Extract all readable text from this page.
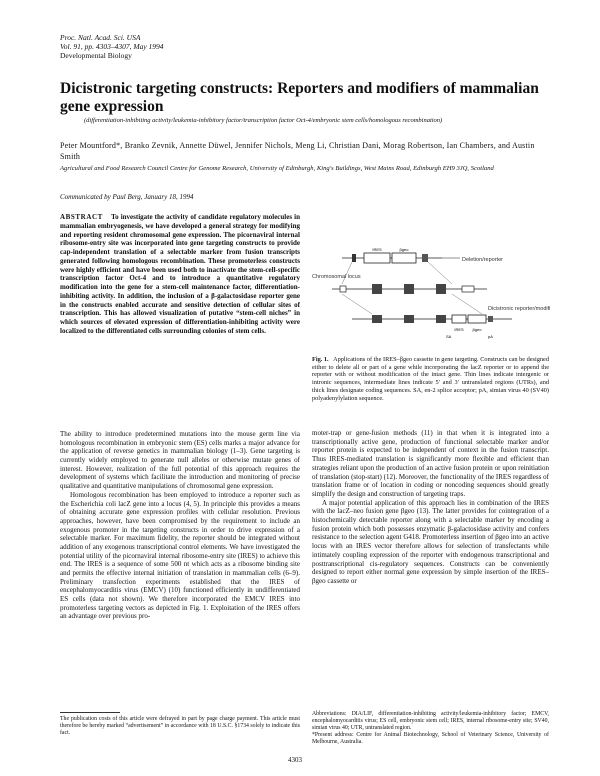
Proc. Natl. Acad. Sci. USA
Vol. 91, pp. 4303–4307, May 1994
Developmental Biology
Dicistronic targeting constructs: Reporters and modifiers of mammalian gene expression
(differentiation-inhibiting activity/leukemia-inhibitory factor/transcription factor Oct-4/embryonic stem cells/homologous recombination)
Peter Mountford*, Branko Zevnik, Annette Düwel, Jennifer Nichols, Meng Li, Christian Dani, Morag Robertson, Ian Chambers, and Austin Smith
Agricultural and Food Research Council Centre for Genome Research, University of Edinburgh, King's Buildings, West Mains Road, Edinburgh EH9 3JQ, Scotland
Communicated by Paul Berg, January 18, 1994
ABSTRACT To investigate the activity of candidate regulatory molecules in mammalian embryogenesis, we have developed a general strategy for modifying and reporting resident chromosomal gene expression. The picornaviral internal ribosome-entry site was incorporated into gene targeting constructs to provide cap-independent translation of a selectable marker from fusion transcripts generated following homologous recombination. These promoterless constructs were highly efficient and have been used both to inactivate the stem-cell-specific transcription factor Oct-4 and to introduce a quantitative regulatory modification into the gene for a stem-cell maintenance factor, differentiation-inhibiting activity. In addition, the inclusion of a β-galactosidase reporter gene in the constructs enabled accurate and sensitive detection of cellular sites of transcription. This has allowed visualization of putative “stem-cell niches” in which sources of elevated expression of differentiation-inhibiting activity were localized to the differentiated cells surrounding colonies of stem cells.
IRES	βgeo
Deletion/reporter
Chromosomal locus
IRES βgeo
SA	pA
Dicistronic reporter/modifier
Fig. 1. Applications of the IRES–βgeo cassette in gene targeting. Constructs can be designed either to delete all or part of a gene while incorporating the lacZ reporter or to append the reporter with or without modification of the intact gene. Thin lines indicate intergenic or intronic sequences, intermediate lines indicate 5′ and 3′ untranslated regions (UTRs), and thick lines designate coding sequences. SA, en-2 splice acceptor; pA, simian virus 40 (SV40) polyadenylylation sequence.

The ability to introduce predetermined mutations into the mouse germ line via homologous recombination in embryonic stem (ES) cells marks a major advance for the application of reverse genetics in mammalian biology (1–3). Gene targeting is currently widely employed to generate null alleles or otherwise mutate genes of interest. However, realization of the full potential of this approach requires the development of systems which facilitate the introduction and monitoring of precise qualitative and quantitative manipulations of chromosomal gene expression.

Homologous recombination has been employed to introduce a reporter such as the Escherichia coli lacZ gene into a locus (4, 5). In principle this provides a means of obtaining accurate gene expression profiles with cellular resolution. Previous approaches, however, have been compromised by the requirement to include an exogenous promoter in the targeting constructs in order to drive expression of a selectable marker. For maximum fidelity, the reporter should be integrated without addition of any exogenous transcriptional control elements. We have investigated the potential utility of the picornaviral internal ribosome-entry site (IRES) to achieve this end. The IRES is a sequence of some 500 nt which acts as a ribosome binding site and permits the effective internal initiation of translation in mammalian cells (6–9). Preliminary transfection experiments established that the IRES of encephalomyocarditis virus (EMCV) (10) functioned efficiently in undifferentiated ES cells (data not shown). We therefore incorporated the EMCV IRES into promoterless targeting vectors as depicted in Fig. 1. Exploitation of the IRES offers an advantage over previous pro-

moter-trap or gene-fusion methods (11) in that when it is integrated into a transcriptionally active gene, production of functional selectable marker and/or reporter protein is expected to be independent of context in the fusion transcript. Thus IRES-mediated translation is significantly more flexible and efficient than strategies reliant upon the production of an active fusion protein or upon reinitiation of translation (stop-start) (12). Moreover, the functionality of the IRES regardless of translation frame or of location in coding or noncoding sequences should greatly simplify the design and construction of targeting traps.

A major potential application of this approach lies in combination of the IRES with the lacZ–neo fusion gene βgeo (13). The latter provides for cointegration of a histochemically detectable reporter along with a selectable marker by encoding a fusion protein which both possesses enzymatic β-galactosidase activity and confers resistance to the selection agent G418. Promoterless insertion of βgeo into an active locus with an IRES vector therefore allows for selection of transfectants while intimately coupling expression of the reporter with endogenous transcriptional and posttranscriptional cis-regulatory sequences. Constructs can be conveniently designed to report either normal gene expression by simple insertion of the IRES–βgeo cassette or

The publication costs of this article were defrayed in part by page charge payment. This article must therefore be hereby marked “advertisement” in accordance with 18 U.S.C. §1734 solely to indicate this fact.
Abbreviations: DIA/LIF, differentiation-inhibiting activity/leukemia-inhibitory factor; EMCV, encephalomyocarditis virus; ES cell, embryonic stem cell; IRES, internal ribosome-entry site; SV40, simian virus 40; UTR, untranslated region.
*Present address: Centre for Animal Biotechnology, School of Veterinary Science, University of Melbourne, Australia.
4303
